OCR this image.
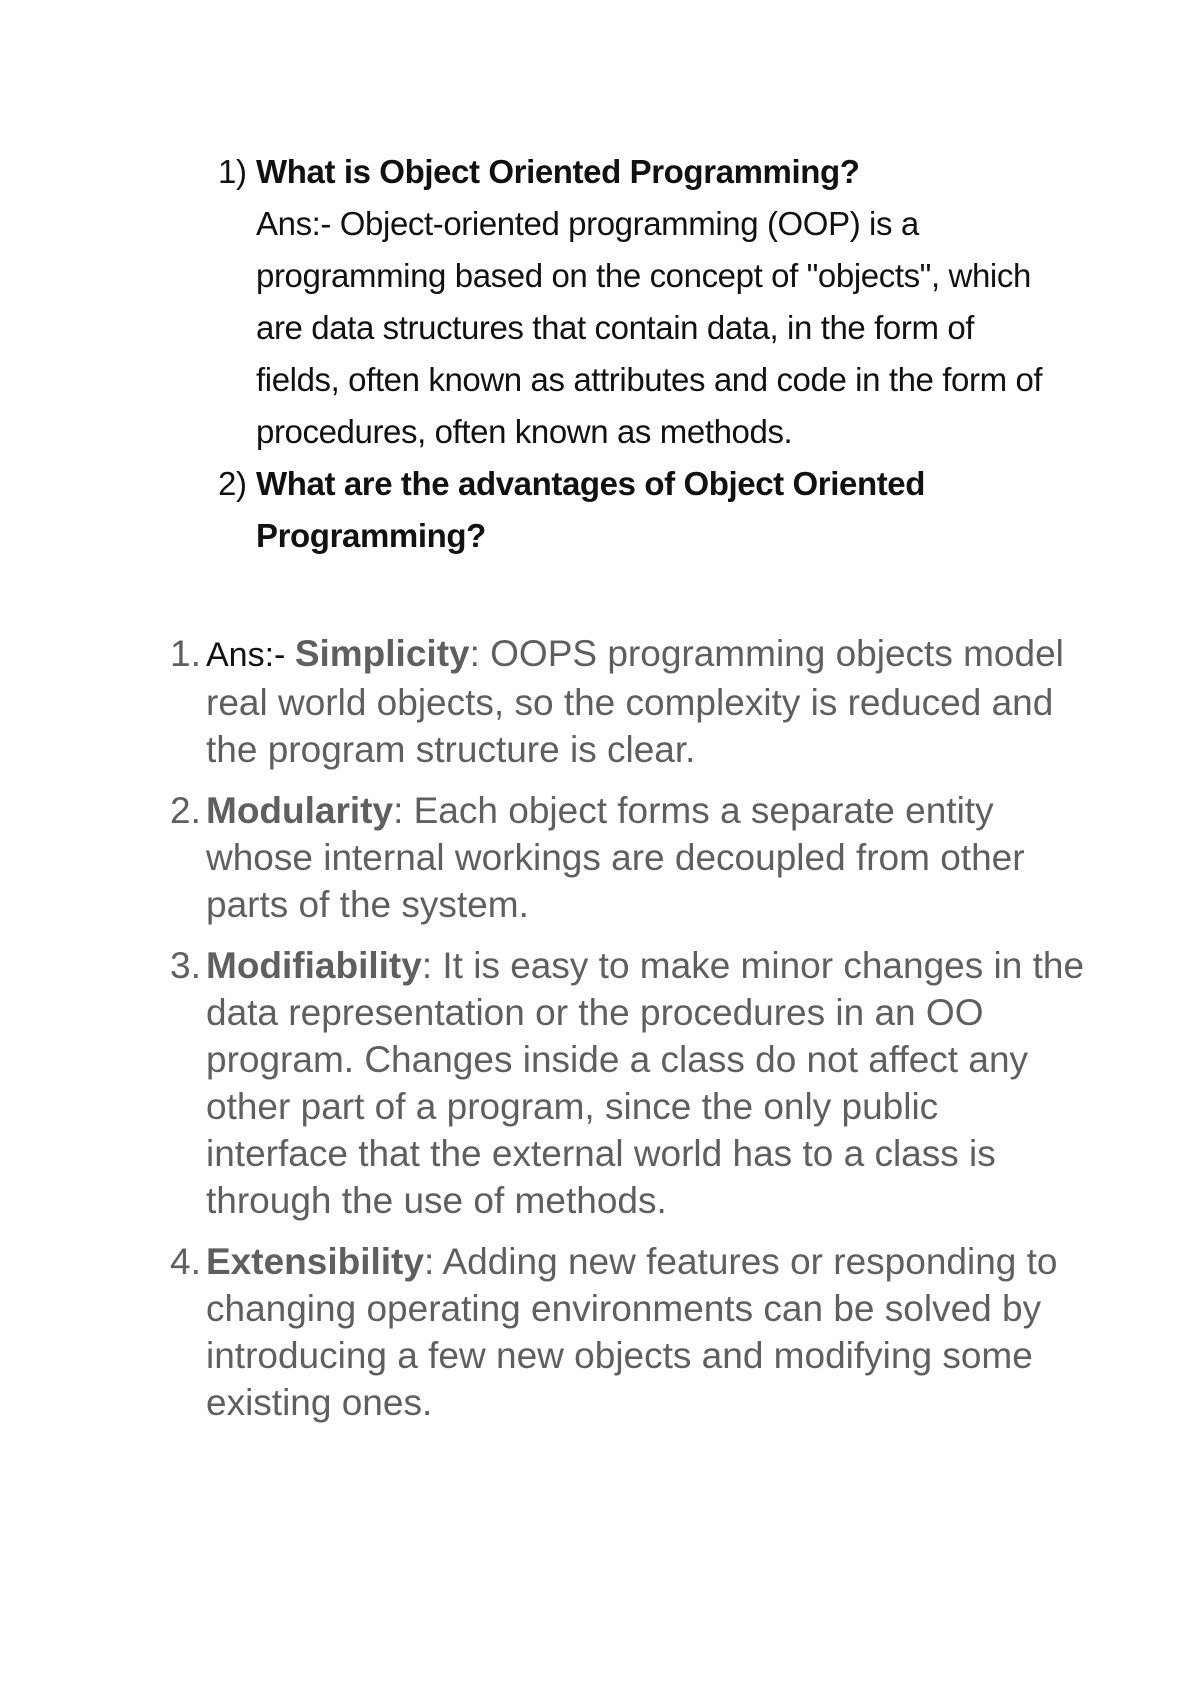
1) What is Object Oriented Programming?
Ans:- Object-oriented programming (OOP) is a programming based on the concept of "objects", which are data structures that contain data, in the form of fields, often known as attributes and code in the form of procedures, often known as methods.
2) What are the advantages of Object Oriented
Programming?
1. Ans:- Simplicity: OOPS programming objects model real world objects, so the complexity is reduced and the program structure is clear.
2. Modularity: Each object forms a separate entity whose internal workings are decoupled from other parts of the system.
3. Modifiability: It is easy to make minor changes in the data representation or the procedures in an OO program. Changes inside a class do not affect any other part of a program, since the only public interface that the external world has to a class is through the use of methods.
4. Extensibility: Adding new features or responding to changing operating environments can be solved by introducing a few new objects and modifying some existing ones.
